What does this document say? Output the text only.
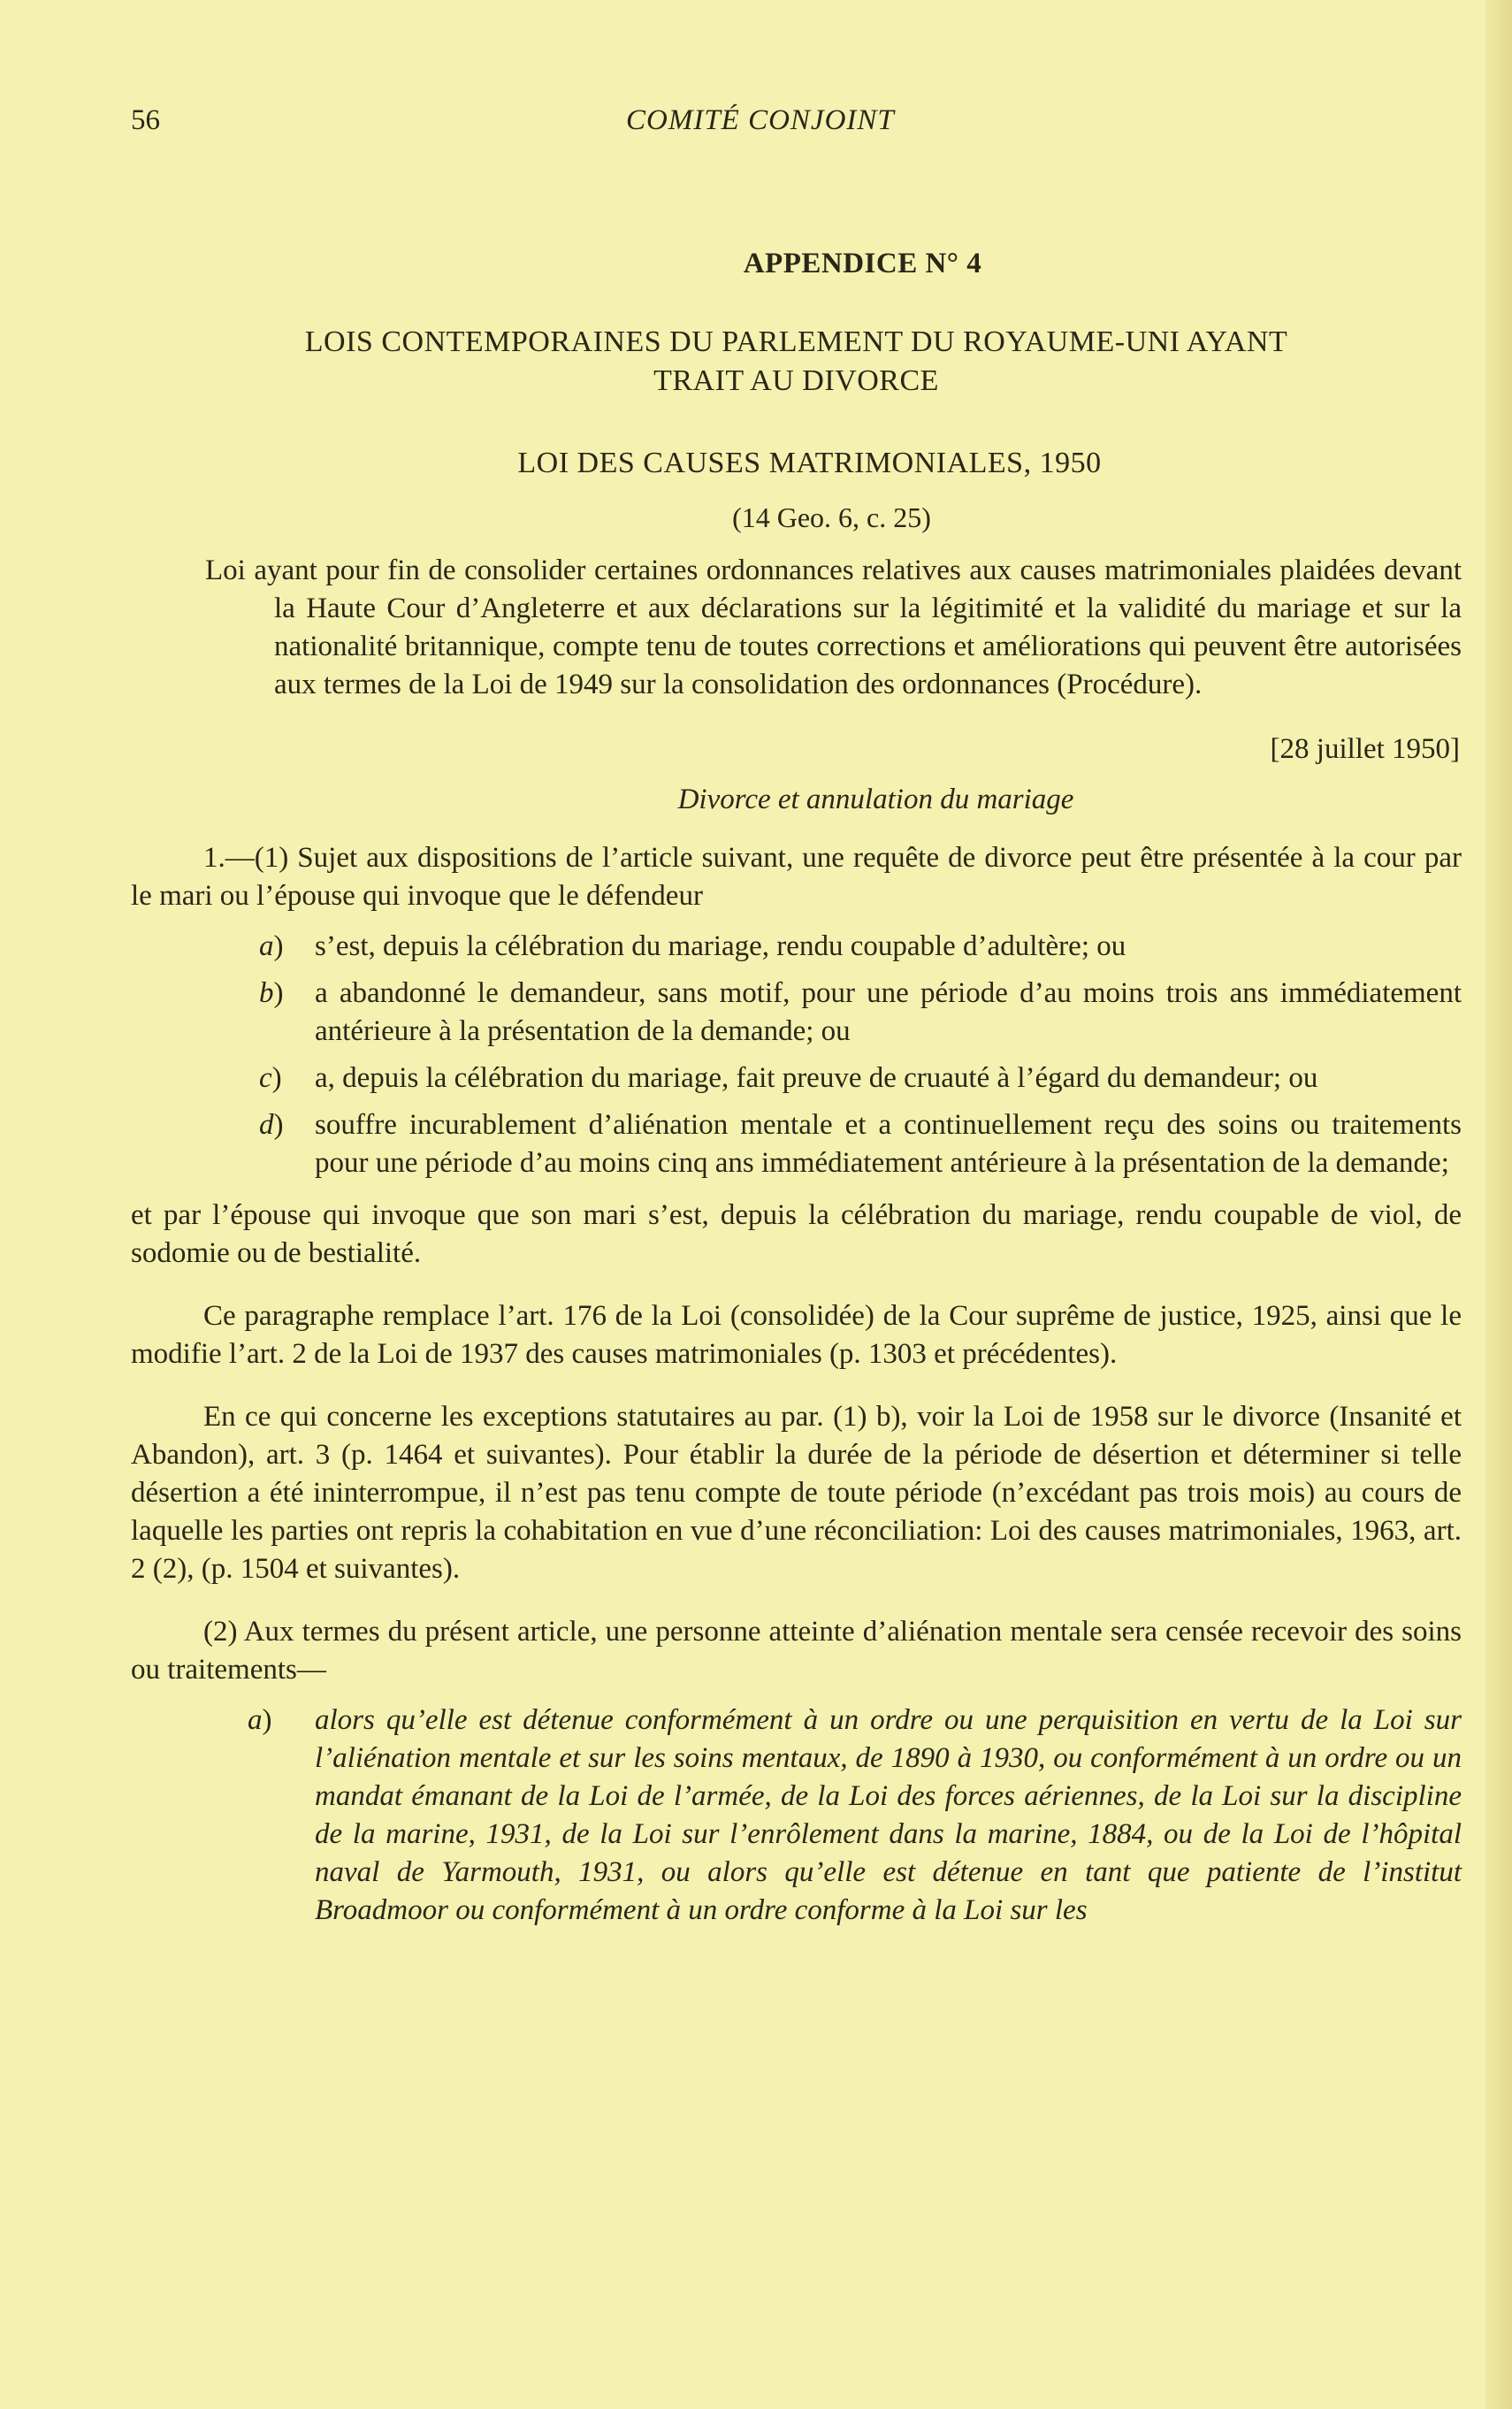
56	COMITÉ CONJOINT
APPENDICE N° 4
LOIS CONTEMPORAINES DU PARLEMENT DU ROYAUME-UNI AYANT
TRAIT AU DIVORCE
LOI DES CAUSES MATRIMONIALES, 1950
(14 Geo. 6, c. 25)

Loi ayant pour fin de consolider certaines ordonnances relatives aux causes matrimoniales plaidées devant la Haute Cour d’Angleterre et aux déclarations sur la légitimité et la validité du mariage et sur la nationalité britannique, compte tenu de toutes corrections et améliorations qui peuvent être autorisées aux termes de la Loi de 1949 sur la consolidation des ordonnances (Procédure).

[28 juillet 1950]
Divorce et annulation du mariage

1.—(1) Sujet aux dispositions de l’article suivant, une requête de divorce peut être présentée à la cour par le mari ou l’épouse qui invoque que le défendeur

a)	s’est, depuis la célébration du mariage, rendu coupable d’adultère; ou
b)	a abandonné le demandeur, sans motif, pour une période d’au moins trois ans immédiatement antérieure à la présentation de la demande; ou
c)	a, depuis la célébration du mariage, fait preuve de cruauté à l’égard du demandeur; ou
d)	souffre incurablement d’aliénation mentale et a continuellement reçu des soins ou traitements pour une période d’au moins cinq ans immédiatement antérieure à la présentation de la demande;

et par l’épouse qui invoque que son mari s’est, depuis la célébration du mariage, rendu coupable de viol, de sodomie ou de bestialité.

Ce paragraphe remplace l’art. 176 de la Loi (consolidée) de la Cour suprême de justice, 1925, ainsi que le modifie l’art. 2 de la Loi de 1937 des causes matrimoniales (p. 1303 et précédentes).

En ce qui concerne les exceptions statutaires au par. (1) b), voir la Loi de 1958 sur le divorce (Insanité et Abandon), art. 3 (p. 1464 et suivantes). Pour établir la durée de la période de désertion et déterminer si telle désertion a été ininterrompue, il n’est pas tenu compte de toute période (n’excédant pas trois mois) au cours de laquelle les parties ont repris la cohabitation en vue d’une réconciliation: Loi des causes matrimoniales, 1963, art. 2 (2), (p. 1504 et suivantes).

(2) Aux termes du présent article, une personne atteinte d’aliénation mentale sera censée recevoir des soins ou traitements—

a)	alors qu’elle est détenue conformément à un ordre ou une perquisition en vertu de la Loi sur l’aliénation mentale et sur les soins mentaux, de 1890 à 1930, ou conformément à un ordre ou un mandat émanant de la Loi de l’armée, de la Loi des forces aériennes, de la Loi sur la discipline de la marine, 1931, de la Loi sur l’enrôlement dans la marine, 1884, ou de la Loi de l’hôpital naval de Yarmouth, 1931, ou alors qu’elle est détenue en tant que patiente de l’institut Broadmoor ou conformément à un ordre conforme à la Loi sur les
